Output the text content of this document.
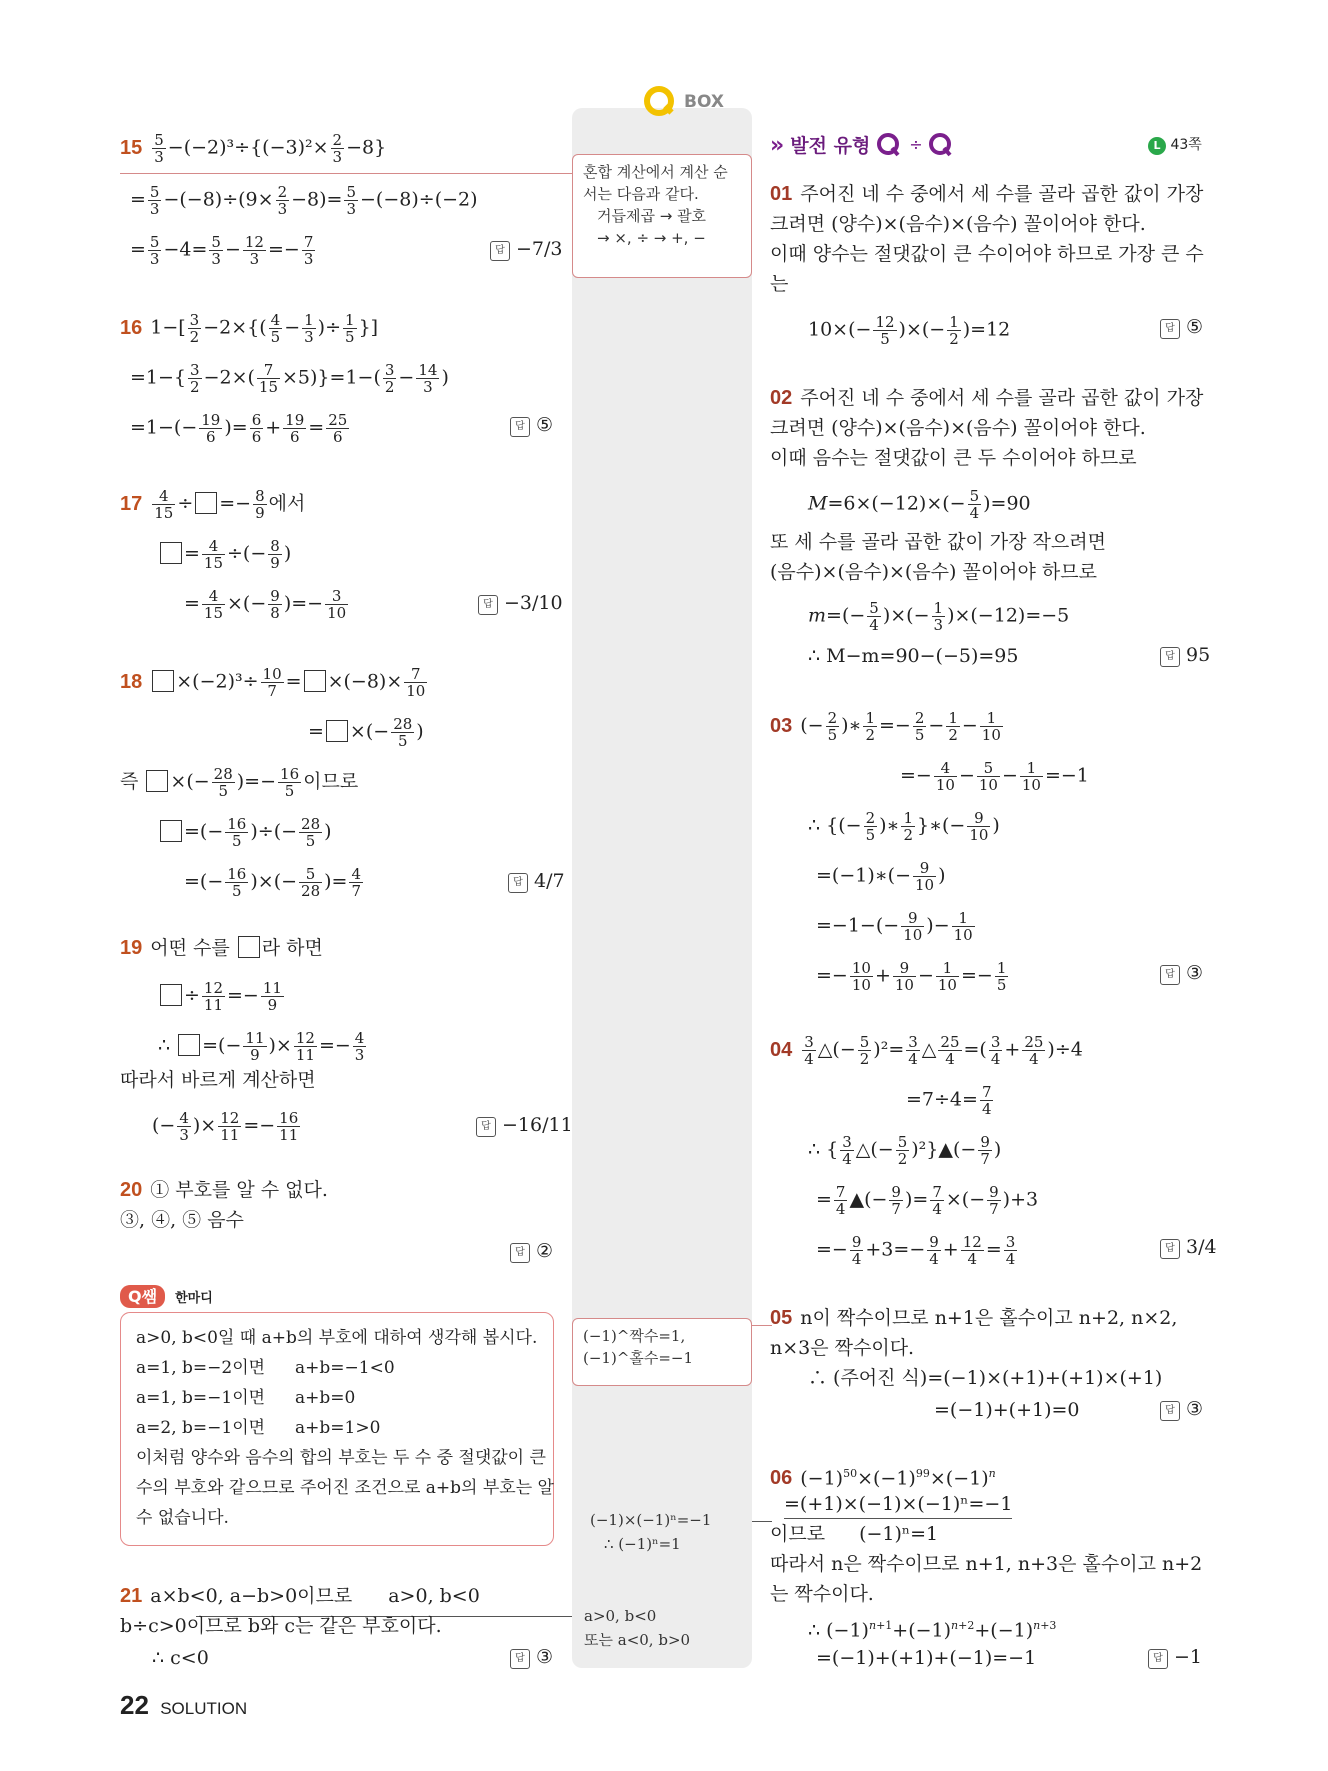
BOX
혼합 계산에서 계산 순
서는 다음과 같다.
거듭제곱 → 괄호
→ ×, ÷ → +, −
(−1)^짝수=1,
(−1)^홀수=−1
(−1)×(−1)ⁿ=−1
∴ (−1)ⁿ=1
a>0, b<0
또는 a<0, b>0
$15 \frac{5}{3} -(-2)^3\div\{(-3)^2\times \frac{2}{3} -8\}$
= $\frac{5}{3} -(-8)\div(9\times \frac{2}{3} -8)= \frac{5}{3} -(-8)\div(-2)$
= $\frac{5}{3} -4= \frac{5}{3} - \frac{12}{3} =- \frac{7}{3}$	답 −7/3
16 $1-[ \frac{3}{2} -2\times\{( \frac{4}{5} - \frac{1}{3}$ )÷ $\frac{1}{5}$ }]
$=1-\{ \frac{3}{2} -2\times( \frac{7}{15} \times 5)\}=1-( \frac{3}{2} - \frac{14}{3}$ )
$=1-(- \frac{19}{6}$ )= $\frac{6}{6} + \frac{19}{6} = \frac{25}{6}$	답 ⑤
$17 \frac{4}{15}$ ÷ =− $\frac{8}{9}$ 에서
= $\frac{4}{15}$ ÷(− $\frac{8}{9}$ )
= $\frac{4}{15}$ ×(− $\frac{9}{8}$ )=− $\frac{3}{10}$	답 −3/10
$18 \times(-2)^3\div \frac{10}{7} = \times(-8)\times \frac{7}{10}$
= ×(− $\frac{28}{5}$ )
즉 ×(− $\frac{28}{5}$ )=− $\frac{16}{5}$ 이므로
=(− $\frac{16}{5}$ )÷(− $\frac{28}{5}$ )
=(− $\frac{16}{5}$ )×(− $\frac{5}{28}$ )= $\frac{4}{7}$	답 4/7
19 어떤 수를 라 하면
÷ $\frac{12}{11} =- \frac{11}{9}$
∴ =(− $\frac{11}{9}$ )× $\frac{12}{11} =- \frac{4}{3}$
따라서 바르게 계산하면
(− $\frac{4}{3}$ )× $\frac{12}{11} =- \frac{16}{11}$	답 −16/11
20 ① 부호를 알 수 없다.
③, ④, ⑤ 음수
답 ②
Q쌤 한마디
a>0, b<0일 때 a+b의 부호에 대하여 생각해 봅시다.
a=1, b=−2이면 a+b=−1<0
a=1, b=−1이면 a+b=0
a=2, b=−1이면 a+b=1>0
이처럼 양수와 음수의 합의 부호는 두 수 중 절댓값이 큰
수의 부호와 같으므로 주어진 조건으로 a+b의 부호는 알
수 없습니다.
21 a×b<0, a−b>0이므로 a>0, b<0
b÷c>0이므로 b와 c는 같은 부호이다.
∴ c<0	답 ③
» 발전 유형 ÷	L 43쪽
01 주어진 네 수 중에서 세 수를 골라 곱한 값이 가장
크려면 (양수)×(음수)×(음수) 꼴이어야 한다.
이때 양수는 절댓값이 큰 수이어야 하므로 가장 큰 수
는
$10\times(- \frac{12}{5}$ )×(− $\frac{1}{2} )=12$	답 ⑤
02 주어진 네 수 중에서 세 수를 골라 곱한 값이 가장
크려면 (양수)×(음수)×(음수) 꼴이어야 한다.
이때 음수는 절댓값이 큰 두 수이어야 하므로
$M=6\times(-12)\times(- \frac{5}{4} )=90$
또 세 수를 골라 곱한 값이 가장 작으려면
(음수)×(음수)×(음수) 꼴이어야 하므로
$m=(- \frac{5}{4}$ )×(− $\frac{1}{3} )\times(-12)=-5$
∴ M−m=90−(−5)=95	답 95
03 (− $\frac{2}{5}$ )∗ $\frac{1}{2} =- \frac{2}{5} - \frac{1}{2} - \frac{1}{10}$
=− $\frac{4}{10} - \frac{5}{10} - \frac{1}{10} =-1$
∴ {(− $\frac{2}{5}$ )∗ $\frac{1}{2}$ }∗(− $\frac{9}{10}$ )
=(−1)∗(− $\frac{9}{10}$ )
$=-1-(- \frac{9}{10}$ )− $\frac{1}{10}$
=− $\frac{10}{10} + \frac{9}{10} - \frac{1}{10} =- \frac{1}{5}$	답 ③
$04 \frac{3}{4}$ △(− $\frac{5}{2} )^2= \frac{3}{4}$ △ $\frac{25}{4}$ =( $\frac{3}{4} + \frac{25}{4} )\div 4$
$=7\div 4= \frac{7}{4}$
∴ { $\frac{3}{4}$ △(− $\frac{5}{2}$ )²}▲(− $\frac{9}{7}$ )
= $\frac{7}{4}$ ▲(− $\frac{9}{7}$ )= $\frac{7}{4}$ ×(− $\frac{9}{7} )+3$
=− $\frac{9}{4} +3=- \frac{9}{4} + \frac{12}{4} = \frac{3}{4}$	답 3/4
05 n이 짝수이므로 n+1은 홀수이고 n+2, n×2,
n×3은 짝수이다.
∴ (주어진 식)=(−1)×(+1)+(+1)×(+1)
=(−1)+(+1)=0	답 ③
06 $(-1)^{50}\times(-1)^{99}\times(-1)^n$
=(+1)×(−1)×(−1)ⁿ=−1
이므로 (−1)ⁿ=1
따라서 n은 짝수이므로 n+1, n+3은 홀수이고 n+2
는 짝수이다.
∴ $(-1)^{n+1}+(-1)^{n+2}+(-1)^{n+3}$
=(−1)+(+1)+(−1)=−1	답 −1
22 SOLUTION
